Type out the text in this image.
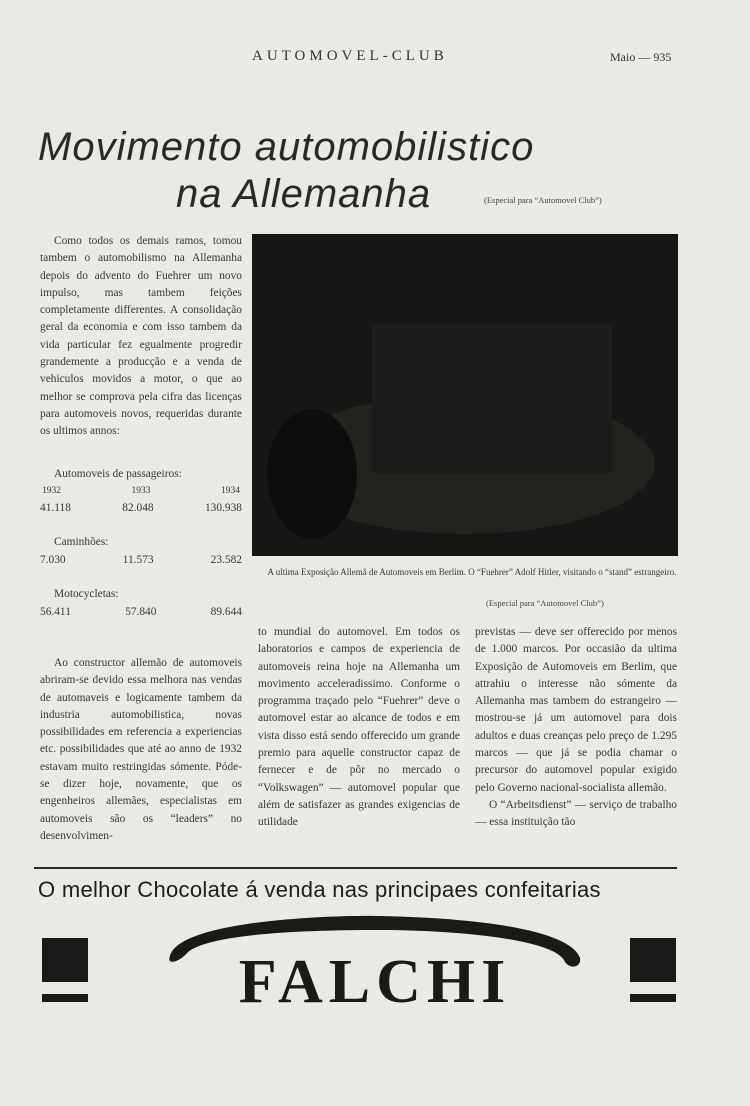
AUTOMOVEL-CLUB	Maio — 935
Movimento automobilistico
na Allemanha	(Especial para “Automovel Club”)

Como todos os demais ramos, tomou tambem o automobilismo na Allemanha depois do advento do Fuehrer um novo impulso, mas tambem feições completamente differentes. A consolidação geral da economia e com isso tambem da vida particular fez egualmente progredir grandemente a producção e a venda de vehiculos movidos a motor, o que ao melhor se comprova pela cifra das licenças para automoveis novos, requeridas durante os ultimos annos:

Automoveis de passageiros:
1932	1933	1934
41.118	82.048	130.938
Caminhões:
7.030	11.573	23.582
Motocycletas:
56.411	57.840	89.644

Ao constructor allemão de automoveis abriram-se devido essa melhora nas vendas de automaveis e logicamente tambem da industria automobilistica, novas possibilidades em referencia a experiencias etc. possibilidades que até ao anno de 1932 estavam muito restringidas sómente. Póde-se dizer hoje, novamente, que os engenheiros allemães, especialistas em automoveis são os “leaders” no desenvolvimen-

A ultima Exposição Allemã de Automoveis em Berlim. O “Fuehrer” Adolf Hitler, visitando o “stand” estrangeiro.
(Especial para “Automovel Club”)

to mundial do automovel. Em todos os laboratorios e campos de experiencia de automoveis reina hoje na Allemanha um movimento acceleradissimo. Conforme o programma traçado pelo “Fuehrer” deve o automovel estar ao alcance de todos e em vista disso está sendo offerecido um grande premio para aquelle constructor capaz de fernecer e de pôr no mercado o “Volkswagen” — automovel popular que além de satisfazer as grandes exigencias de utilidade

previstas — deve ser offerecido por menos de 1.000 marcos. Por occasião da ultima Exposição de Automoveis em Berlim, que attrahiu o interesse não sómente da Allemanha mas tambem do estrangeiro — mostrou-se já um automovel para dois adultos e duas creanças pelo preço de 1.295 marcos — que já se podia chamar o precursor do automovel popular exigido pelo Governo nacional-socialista allemão.

O “Arbeitsdienst” — serviço de trabalho — essa instituição tão

O melhor Chocolate á venda nas principaes confeitarias
FALCHI
